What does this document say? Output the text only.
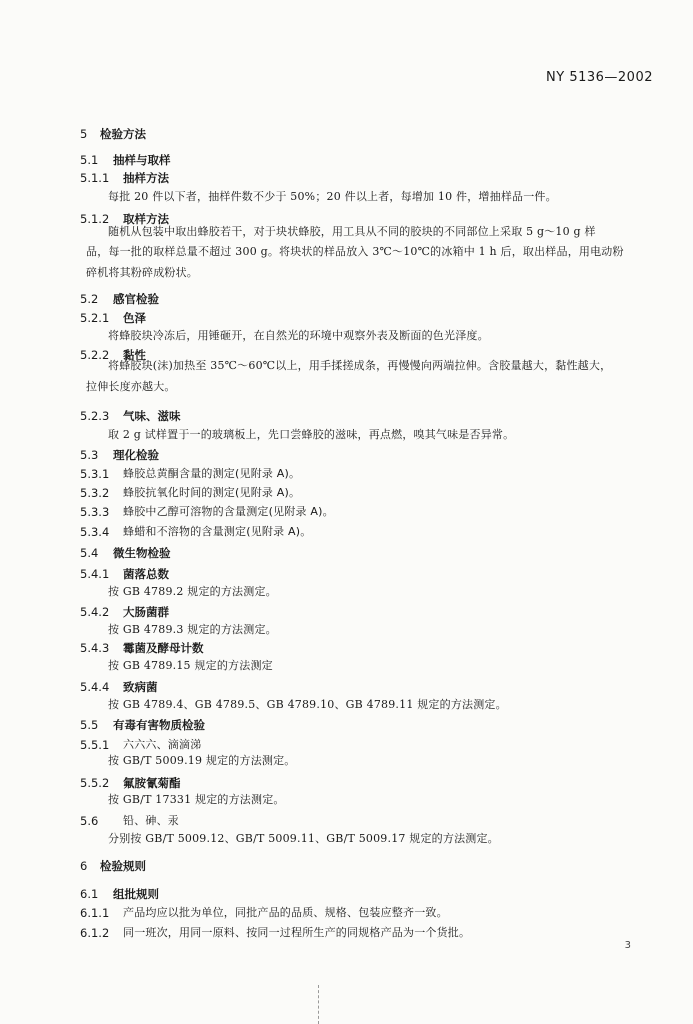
NY 5136—2002
5 检验方法
5.1 抽样与取样
5.1.1 抽样方法
每批 20 件以下者，抽样件数不少于 50%；20 件以上者，每增加 10 件，增抽样品一件。
5.1.2 取样方法
随机从包装中取出蜂胶若干，对于块状蜂胶，用工具从不同的胶块的不同部位上采取 5 g～10 g 样
品，每一批的取样总量不超过 300 g。将块状的样品放入 3℃～10℃的冰箱中 1 h 后，取出样品，用电动粉
碎机将其粉碎成粉状。
5.2 感官检验
5.2.1 色泽
将蜂胶块冷冻后，用锤砸开，在自然光的环境中观察外表及断面的色光泽度。
5.2.2 黏性
将蜂胶块(沫)加热至 35℃～60℃以上，用手揉搓成条，再慢慢向两端拉伸。含胶量越大，黏性越大，
拉伸长度亦越大。
5.2.3 气味、滋味
取 2 g 试样置于一的玻璃板上，先口尝蜂胶的滋味，再点燃，嗅其气味是否异常。
5.3 理化检验
5.3.1 蜂胶总黄酮含量的测定(见附录 A)。
5.3.2 蜂胶抗氧化时间的测定(见附录 A)。
5.3.3 蜂胶中乙醇可溶物的含量测定(见附录 A)。
5.3.4 蜂蜡和不溶物的含量测定(见附录 A)。
5.4 微生物检验
5.4.1 菌落总数
按 GB 4789.2 规定的方法测定。
5.4.2 大肠菌群
按 GB 4789.3 规定的方法测定。
5.4.3 霉菌及酵母计数
按 GB 4789.15 规定的方法测定
5.4.4 致病菌
按 GB 4789.4、GB 4789.5、GB 4789.10、GB 4789.11 规定的方法测定。
5.5 有毒有害物质检验
5.5.1 六六六、滴滴涕
按 GB/T 5009.19 规定的方法测定。
5.5.2 氟胺氰菊酯
按 GB/T 17331 规定的方法测定。
5.6 铅、砷、汞
分别按 GB/T 5009.12、GB/T 5009.11、GB/T 5009.17 规定的方法测定。
6 检验规则
6.1 组批规则
6.1.1 产品均应以批为单位，同批产品的品质、规格、包装应整齐一致。
6.1.2 同一班次，用同一原料、按同一过程所生产的同规格产品为一个货批。
3
